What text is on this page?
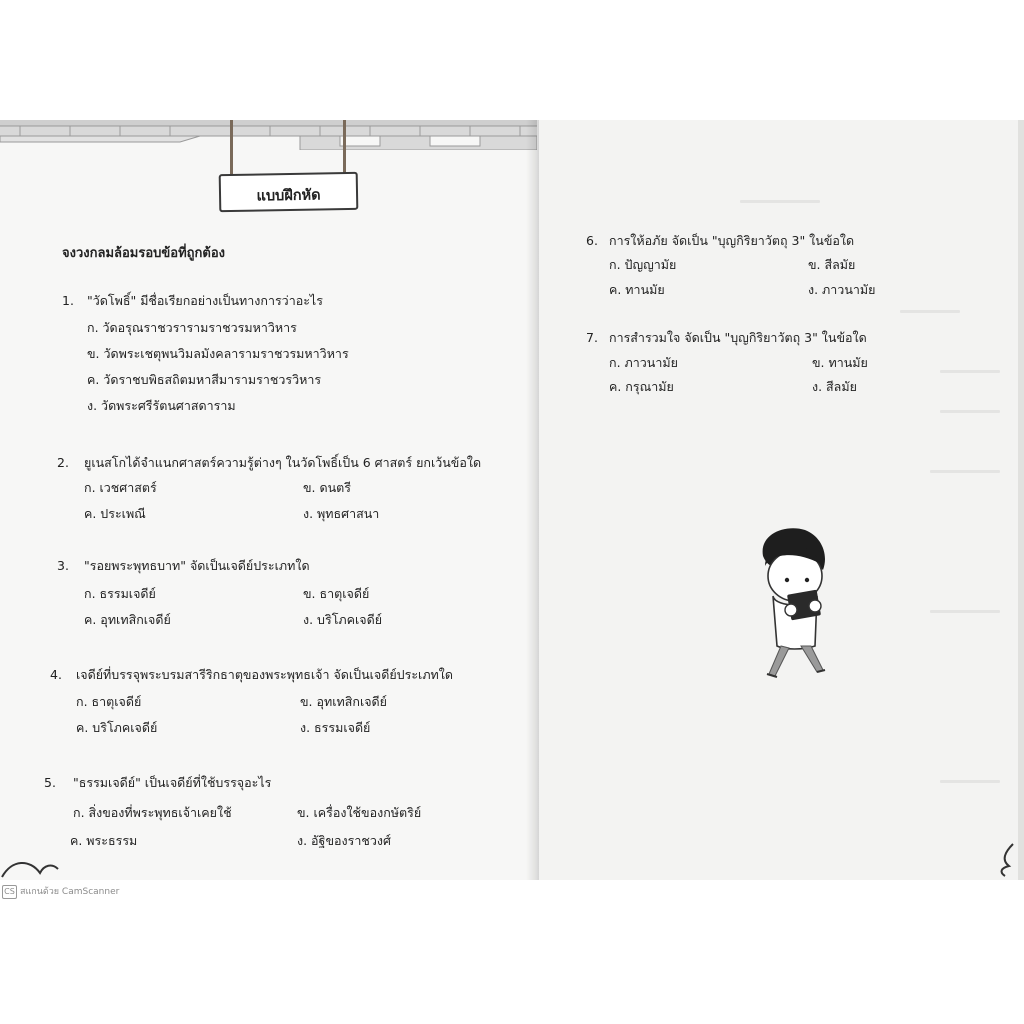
แบบฝึกหัด
จงวงกลมล้อมรอบข้อที่ถูกต้อง
1. "วัดโพธิ์" มีชื่อเรียกอย่างเป็นทางการว่าอะไร
ก. วัดอรุณราชวรารามราชวรมหาวิหาร
ข. วัดพระเชตุพนวิมลมังคลารามราชวรมหาวิหาร
ค. วัดราชบพิธสถิตมหาสีมารามราชวรวิหาร
ง. วัดพระศรีรัตนศาสดาราม
2. ยูเนสโกได้จำแนกศาสตร์ความรู้ต่างๆ ในวัดโพธิ์เป็น 6 ศาสตร์ ยกเว้นข้อใด
ก. เวชศาสตร์	ข. ดนตรี
ค. ประเพณี	ง. พุทธศาสนา
3. "รอยพระพุทธบาท" จัดเป็นเจดีย์ประเภทใด
ก. ธรรมเจดีย์	ข. ธาตุเจดีย์
ค. อุทเทสิกเจดีย์	ง. บริโภคเจดีย์
4. เจดีย์ที่บรรจุพระบรมสารีริกธาตุของพระพุทธเจ้า จัดเป็นเจดีย์ประเภทใด
ก. ธาตุเจดีย์	ข. อุทเทสิกเจดีย์
ค. บริโภคเจดีย์	ง. ธรรมเจดีย์
5. "ธรรมเจดีย์" เป็นเจดีย์ที่ใช้บรรจุอะไร
ก. สิ่งของที่พระพุทธเจ้าเคยใช้	ข. เครื่องใช้ของกษัตริย์
ค. พระธรรม	ง. อัฐิของราชวงศ์
6. การให้อภัย จัดเป็น "บุญกิริยาวัตถุ 3" ในข้อใด
ก. ปัญญามัย	ข. สีลมัย
ค. ทานมัย	ง. ภาวนามัย
7. การสำรวมใจ จัดเป็น "บุญกิริยาวัตถุ 3" ในข้อใด
ก. ภาวนามัย	ข. ทานมัย
ค. กรุณามัย	ง. สีลมัย
CS สแกนด้วย CamScanner
